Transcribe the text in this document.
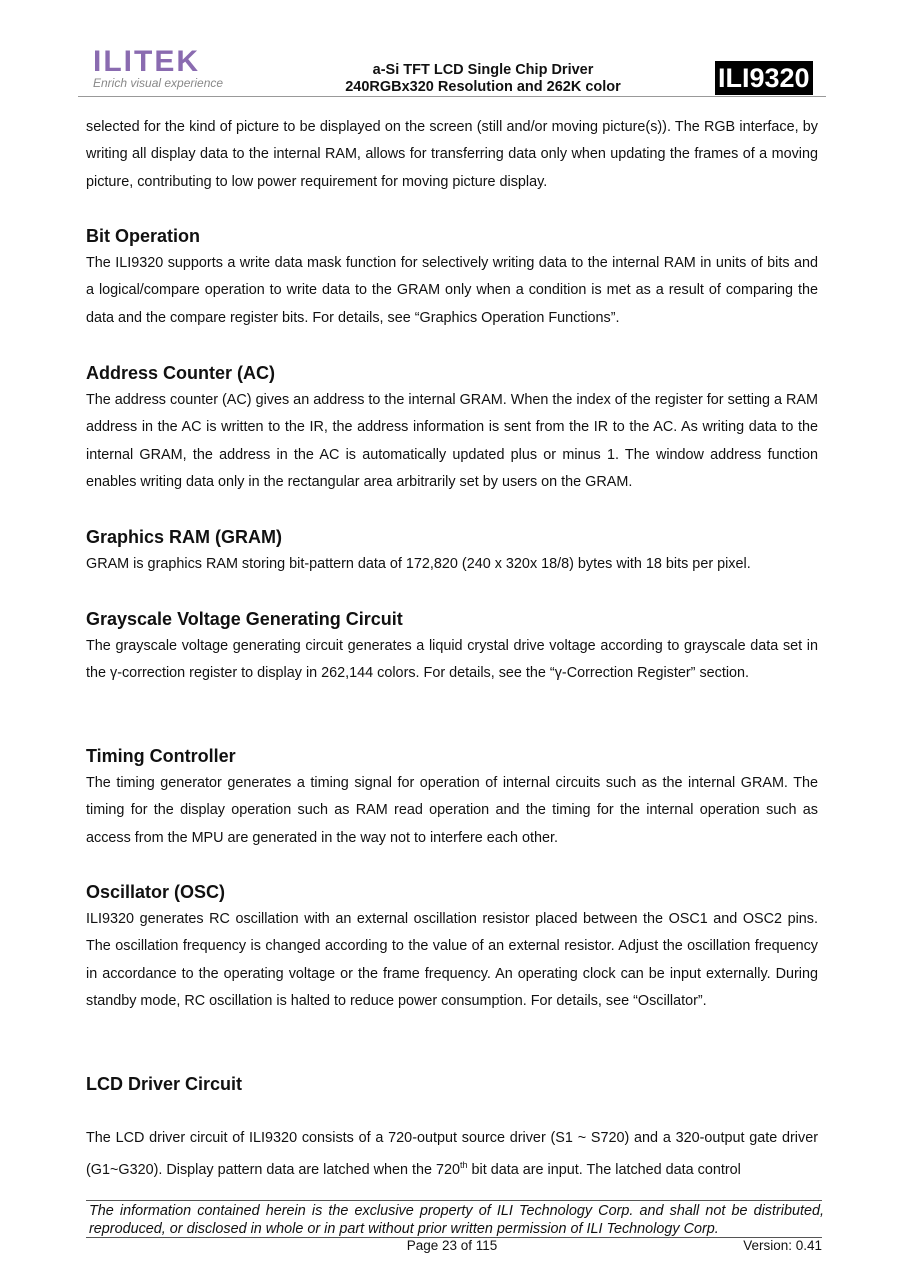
ILITEK
Enrich visual experience
a-Si TFT LCD Single Chip Driver
240RGBx320 Resolution and 262K color	ILI9320

selected for the kind of picture to be displayed on the screen (still and/or moving picture(s)). The RGB interface, by writing all display data to the internal RAM, allows for transferring data only when updating the frames of a moving picture, contributing to low power requirement for moving picture display.

Bit Operation

The ILI9320 supports a write data mask function for selectively writing data to the internal RAM in units of bits and a logical/compare operation to write data to the GRAM only when a condition is met as a result of comparing the data and the compare register bits. For details, see “Graphics Operation Functions”.

Address Counter (AC)

The address counter (AC) gives an address to the internal GRAM. When the index of the register for setting a RAM address in the AC is written to the IR, the address information is sent from the IR to the AC. As writing data to the internal GRAM, the address in the AC is automatically updated plus or minus 1. The window address function enables writing data only in the rectangular area arbitrarily set by users on the GRAM.

Graphics RAM (GRAM)

GRAM is graphics RAM storing bit-pattern data of 172,820 (240 x 320x 18/8) bytes with 18 bits per pixel.

Grayscale Voltage Generating Circuit

The grayscale voltage generating circuit generates a liquid crystal drive voltage according to grayscale data set in the γ-correction register to display in 262,144 colors. For details, see the “γ-Correction Register” section.

Timing Controller

The timing generator generates a timing signal for operation of internal circuits such as the internal GRAM. The timing for the display operation such as RAM read operation and the timing for the internal operation such as access from the MPU are generated in the way not to interfere each other.

Oscillator (OSC)

ILI9320 generates RC oscillation with an external oscillation resistor placed between the OSC1 and OSC2 pins. The oscillation frequency is changed according to the value of an external resistor. Adjust the oscillation frequency in accordance to the operating voltage or the frame frequency. An operating clock can be input externally. During standby mode, RC oscillation is halted to reduce power consumption. For details, see “Oscillator”.

LCD Driver Circuit

The LCD driver circuit of ILI9320 consists of a 720-output source driver (S1 ~ S720) and a 320-output gate driver (G1~G320). Display pattern data are latched when the 720th bit data are input. The latched data control

The information contained herein is the exclusive property of ILI Technology Corp. and shall not be distributed, reproduced, or disclosed in whole or in part without prior written permission of ILI Technology Corp.
Page 23 of 115	Version: 0.41
